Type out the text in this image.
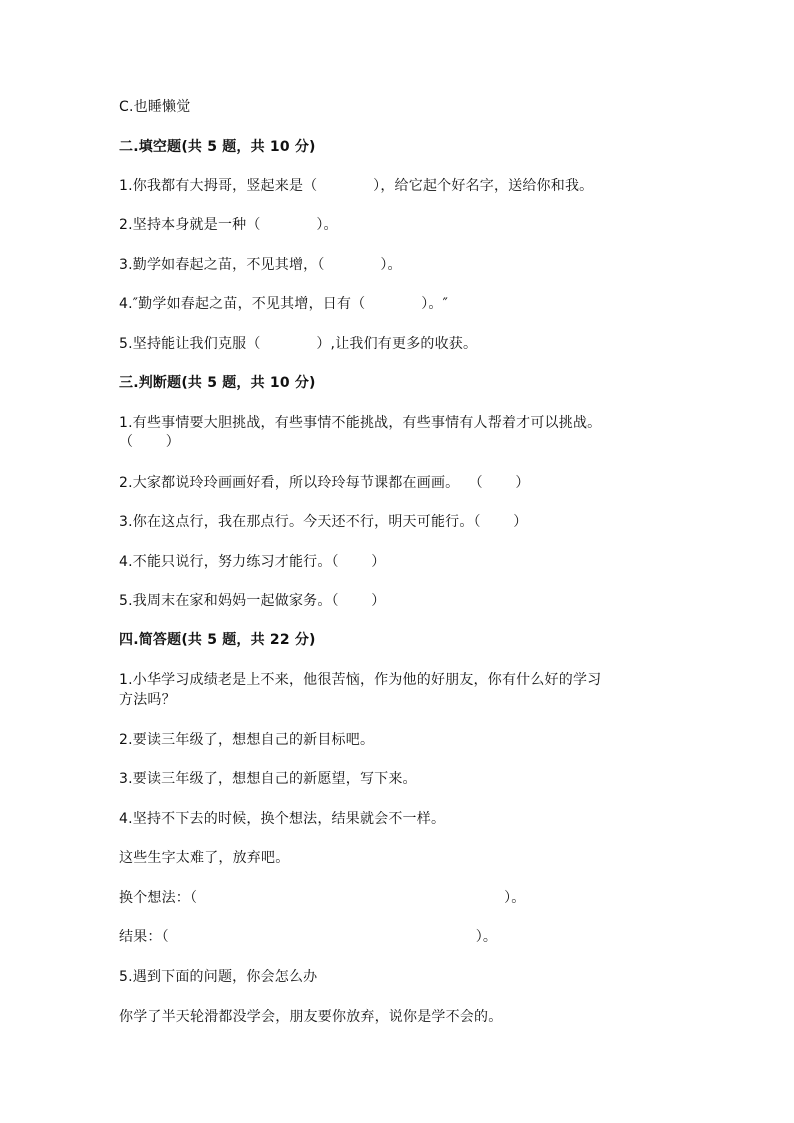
C.也睡懒觉
二.填空题(共 5 题，共 10 分)
1.你我都有大拇哥，竖起来是（            ），给它起个好名字，送给你和我。
2.坚持本身就是一种（            ）。
3.勤学如春起之苗，不见其增，（            ）。
4.″勤学如春起之苗，不见其增，日有（            ）。″
5.坚持能让我们克服（            ）,让我们有更多的收获。
三.判断题(共 5 题，共 10 分)
1.有些事情要大胆挑战，有些事情不能挑战，有些事情有人帮着才可以挑战。
（       ）
2.大家都说玲玲画画好看，所以玲玲每节课都在画画。  （       ）
3.你在这点行，我在那点行。今天还不行，明天可能行。（       ）
4.不能只说行，努力练习才能行。（       ）
5.我周末在家和妈妈一起做家务。（       ）
四.简答题(共 5 题，共 22 分)
1.小华学习成绩老是上不来，他很苦恼，作为他的好朋友，你有什么好的学习
方法吗？
2.要读三年级了，想想自己的新目标吧。
3.要读三年级了，想想自己的新愿望，写下来。
4.坚持不下去的时候，换个想法，结果就会不一样。
这些生字太难了，放弃吧。
换个想法：（                                                                  ）。
结果：（                                                                  ）。
5.遇到下面的问题，你会怎么办
你学了半天轮滑都没学会，朋友要你放弃，说你是学不会的。
